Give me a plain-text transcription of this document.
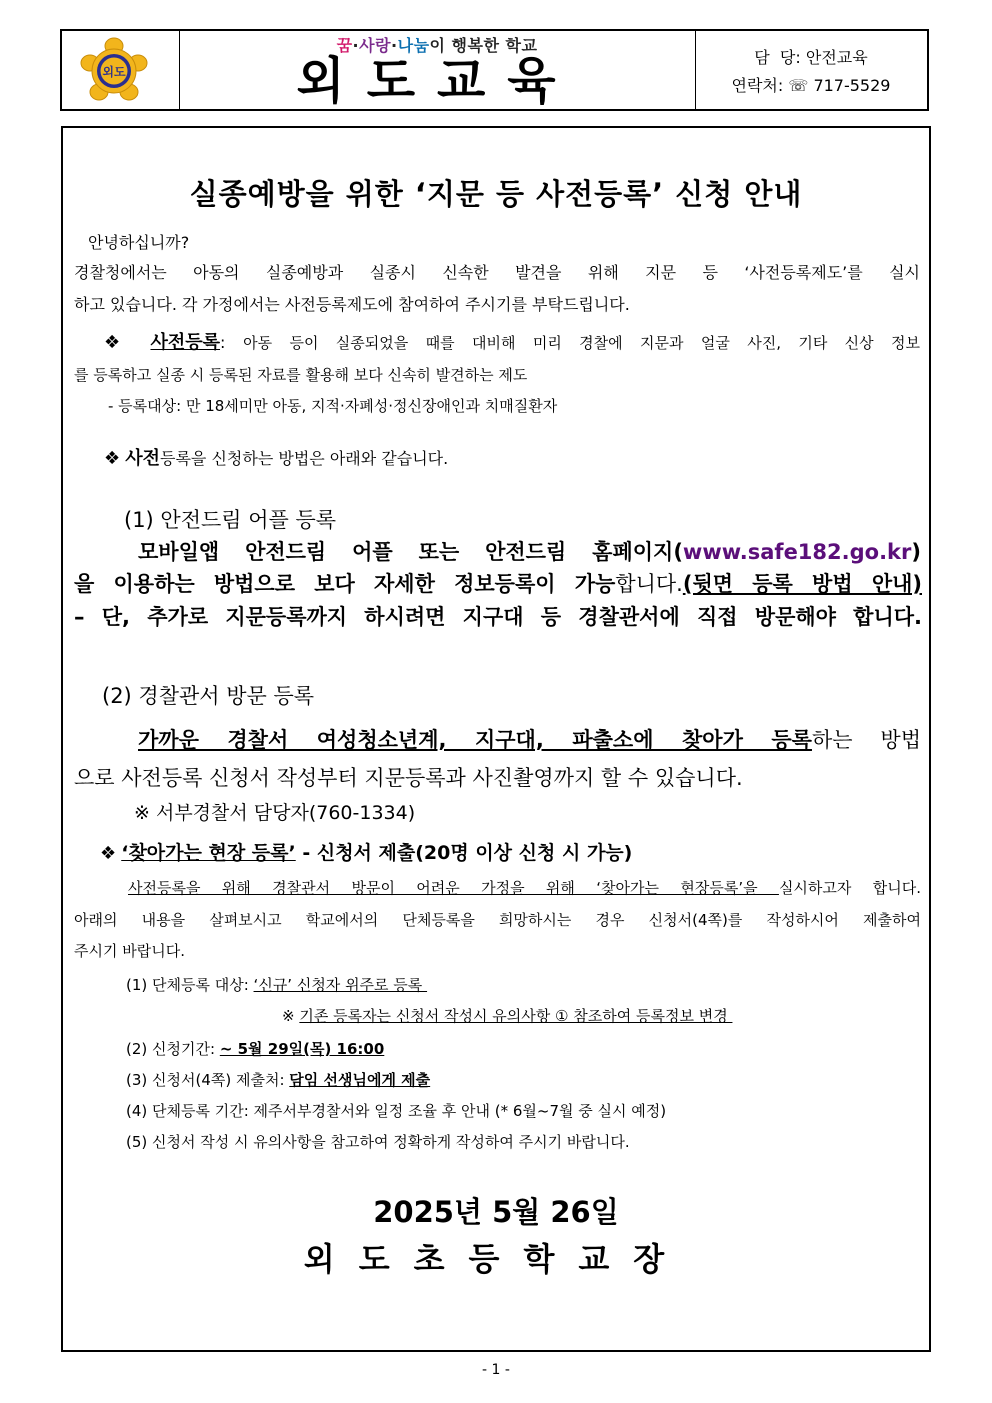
외도
꿈·사랑·나눔이 행복한 학교
외도교육	담  당: 안전교육
연락처: ☏ 717-5529
실종예방을 위한 ‘지문 등 사전등록’ 신청 안내
안녕하십니까?
경찰청에서는 아동의 실종예방과 실종시 신속한 발견을 위해 지문 등 ‘사전등록제도’를 실시
하고 있습니다. 각 가정에서는 사전등록제도에 참여하여 주시기를 부탁드립니다.
❖ 사전등록: 아동 등이 실종되었을 때를 대비해 미리 경찰에 지문과 얼굴 사진, 기타 신상 정보
를 등록하고 실종 시 등록된 자료를 활용해 보다 신속히 발견하는 제도
- 등록대상: 만 18세미만 아동, 지적·자폐성·정신장애인과 치매질환자
❖ 사전등록을 신청하는 방법은 아래와 같습니다.
(1) 안전드림 어플 등록
모바일앱 안전드림 어플 또는 안전드림 홈페이지(www.safe182.go.kr)
을 이용하는 방법으로 보다 자세한 정보등록이 가능합니다.(뒷면 등록 방법 안내)
– 단, 추가로 지문등록까지 하시려면 지구대 등 경찰관서에 직접 방문해야 합니다.
(2) 경찰관서 방문 등록
가까운 경찰서 여성청소년계, 지구대, 파출소에 찾아가 등록하는 방법
으로 사전등록 신청서 작성부터 지문등록과 사진촬영까지 할 수 있습니다.
※ 서부경찰서 담당자(760-1334)
❖ ‘찾아가는 현장 등록’ - 신청서 제출(20명 이상 신청 시 가능)
사전등록을 위해 경찰관서 방문이 어려운 가정을 위해 ‘찾아가는 현장등록’을 실시하고자 합니다.
아래의 내용을 살펴보시고 학교에서의 단체등록을 희망하시는 경우 신청서(4쪽)를 작성하시어 제출하여
주시기 바랍니다.
(1) 단체등록 대상: ‘신규’ 신청자 위주로 등록
※ 기존 등록자는 신청서 작성시 유의사항 ① 참조하여 등록정보 변경
(2) 신청기간: ~ 5월 29일(목) 16:00
(3) 신청서(4쪽) 제출처: 담임 선생님에게 제출
(4) 단체등록 기간: 제주서부경찰서와 일정 조율 후 안내 (* 6월~7월 중 실시 예정)
(5) 신청서 작성 시 유의사항을 참고하여 정확하게 작성하여 주시기 바랍니다.
2025년 5월 26일
외도초등학교장
- 1 -
